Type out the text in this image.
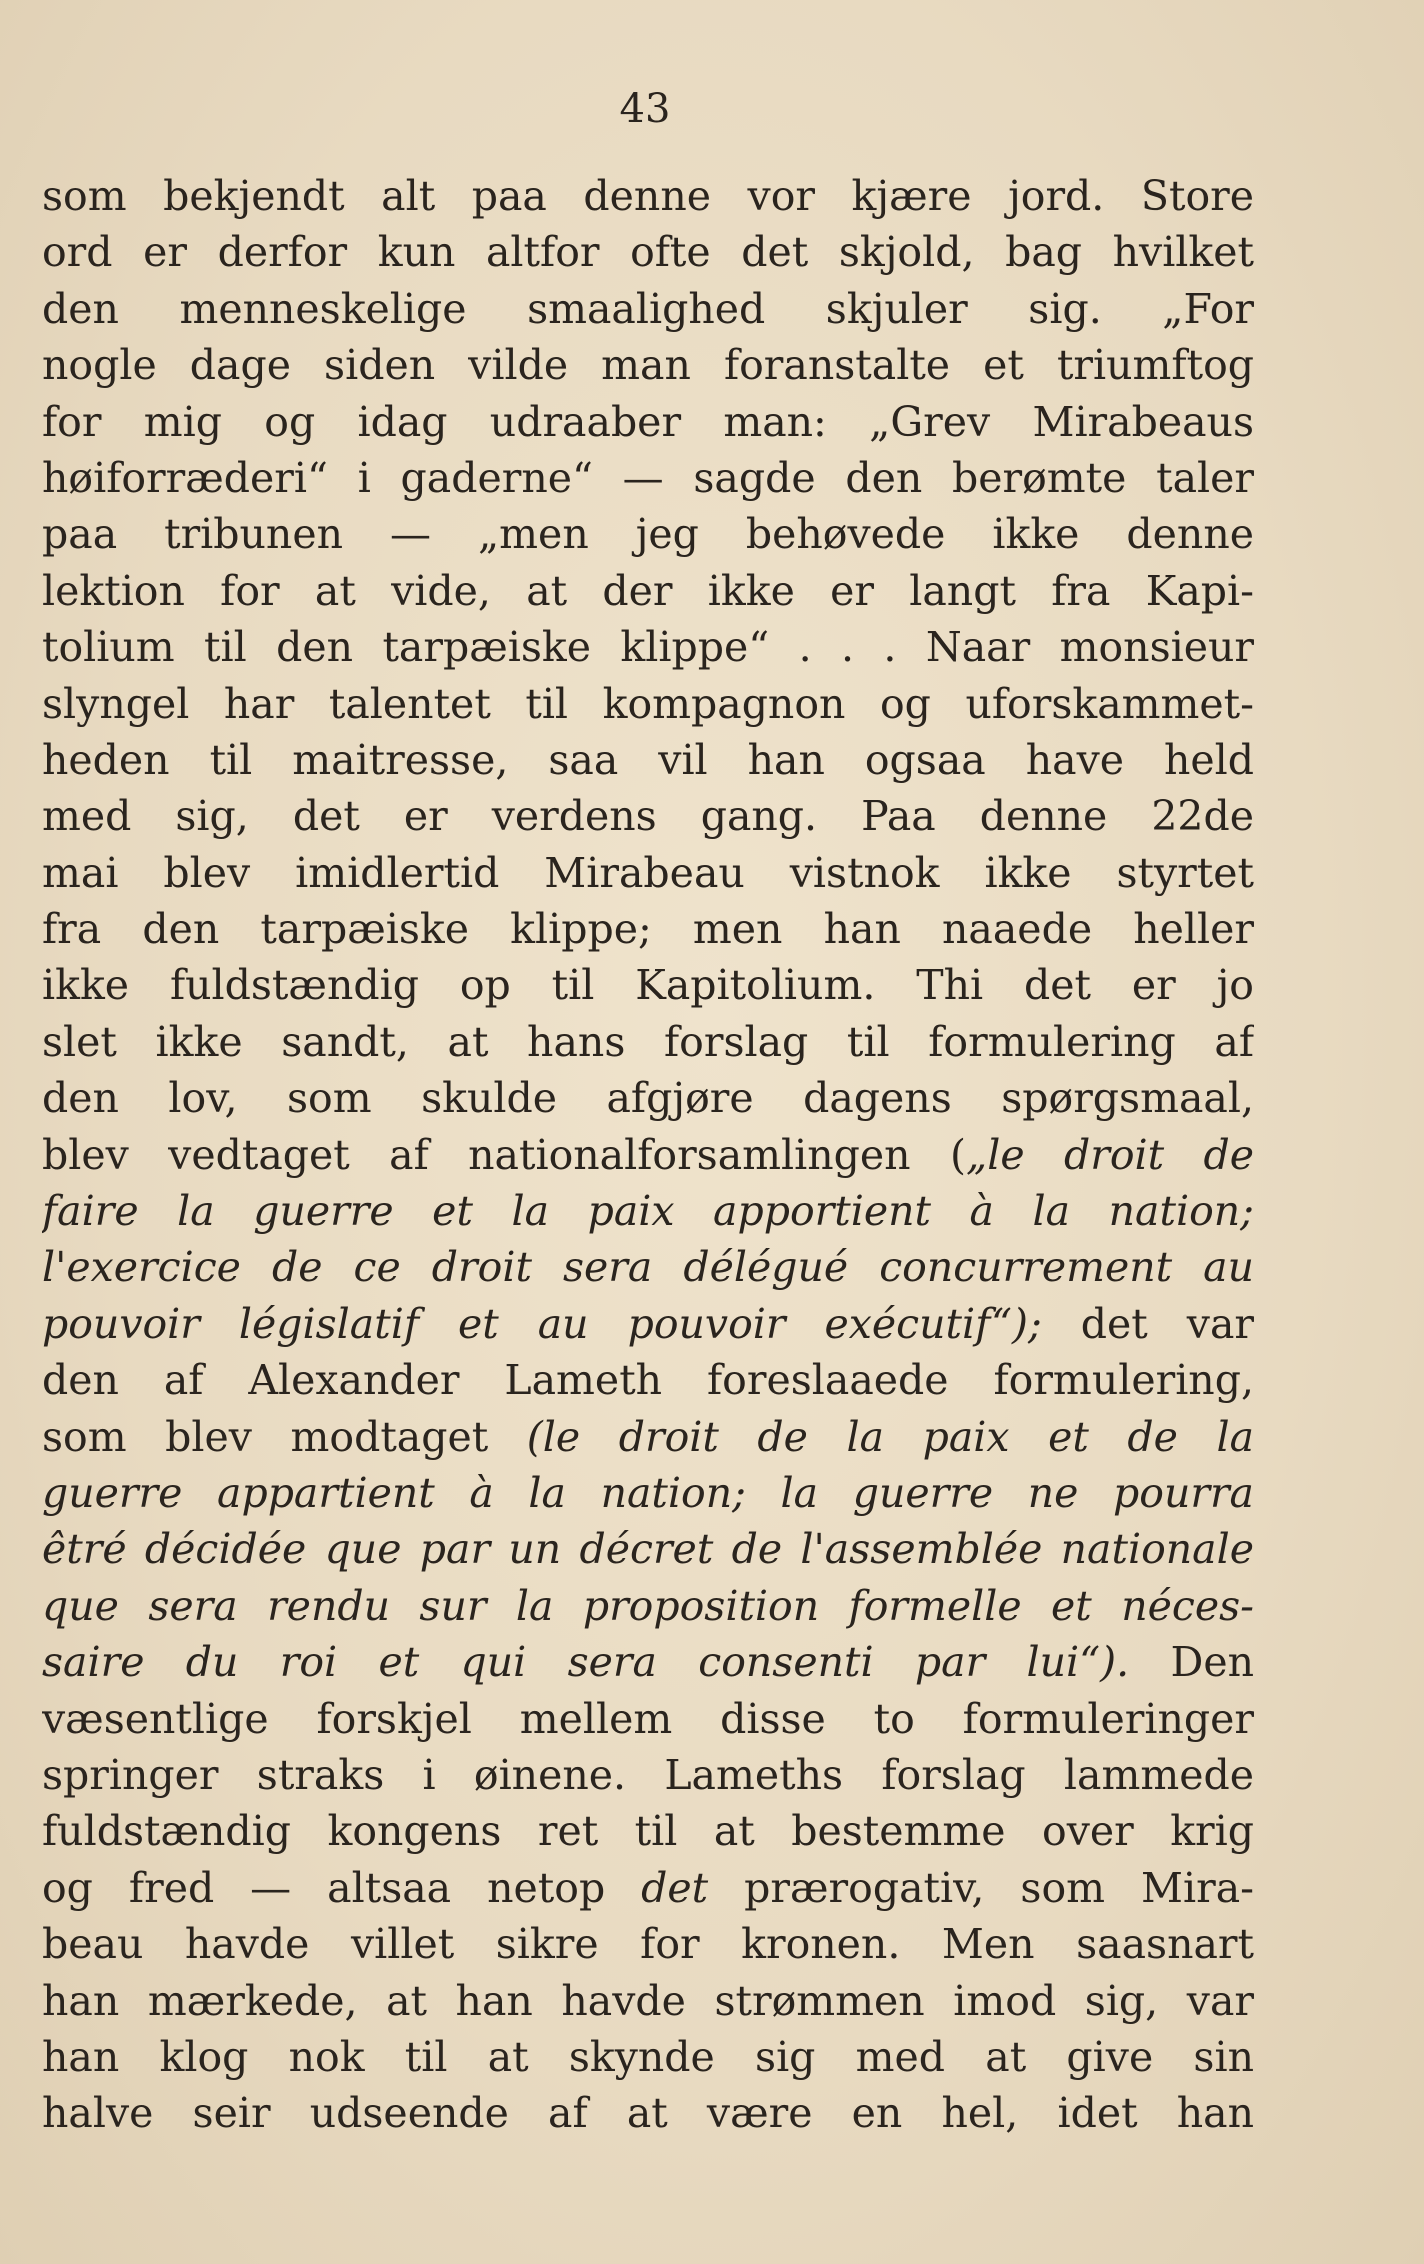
43
som bekjendt alt paa denne vor kjære jord. Store
ord er derfor kun altfor ofte det skjold, bag hvilket
den menneskelige smaalighed skjuler sig. „For
nogle dage siden vilde man foranstalte et triumftog
for mig og idag udraaber man: „Grev Mirabeaus
høiforræderi“ i gaderne“ — sagde den berømte taler
paa tribunen — „men jeg behøvede ikke denne
lektion for at vide, at der ikke er langt fra Kapi-
tolium til den tarpæiske klippe“ . . . Naar monsieur
slyngel har talentet til kompagnon og uforskammet-
heden til maitresse, saa vil han ogsaa have held
med sig, det er verdens gang. Paa denne 22de
mai blev imidlertid Mirabeau vistnok ikke styrtet
fra den tarpæiske klippe; men han naaede heller
ikke fuldstændig op til Kapitolium. Thi det er jo
slet ikke sandt, at hans forslag til formulering af
den lov, som skulde afgjøre dagens spørgsmaal,
blev vedtaget af nationalforsamlingen („le droit de
faire la guerre et la paix apportient à la nation;
l'exercice de ce droit sera délégué concurrement au
pouvoir législatif et au pouvoir exécutif“); det var
den af Alexander Lameth foreslaaede formulering,
som blev modtaget (le droit de la paix et de la
guerre appartient à la nation; la guerre ne pourra
êtré décidée que par un décret de l'assemblée nationale
que sera rendu sur la proposition formelle et néces-
saire du roi et qui sera consenti par lui“). Den
væsentlige forskjel mellem disse to formuleringer
springer straks i øinene. Lameths forslag lammede
fuldstændig kongens ret til at bestemme over krig
og fred — altsaa netop det prærogativ, som Mira-
beau havde villet sikre for kronen. Men saasnart
han mærkede, at han havde strømmen imod sig, var
han klog nok til at skynde sig med at give sin
halve seir udseende af at være en hel, idet han
